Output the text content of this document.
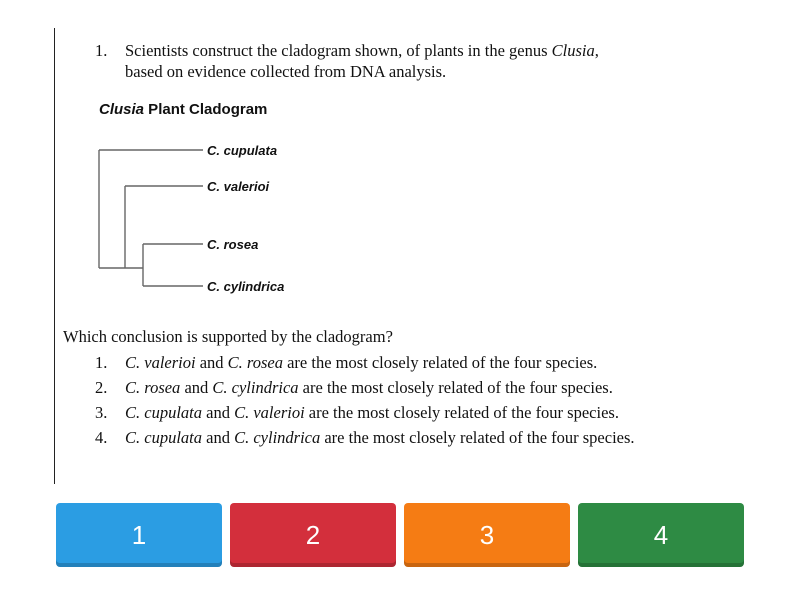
1. Scientists construct the cladogram shown, of plants in the genus Clusia,
based on evidence collected from DNA analysis.
Clusia Plant Cladogram
C. cupulata
C. valerioi
C. rosea
C. cylindrica
Which conclusion is supported by the cladogram?
1. C. valerioi and C. rosea are the most closely related of the four species.
2. C. rosea and C. cylindrica are the most closely related of the four species.
3. C. cupulata and C. valerioi are the most closely related of the four species.
4. C. cupulata and C. cylindrica are the most closely related of the four species.
1	2	3	4
